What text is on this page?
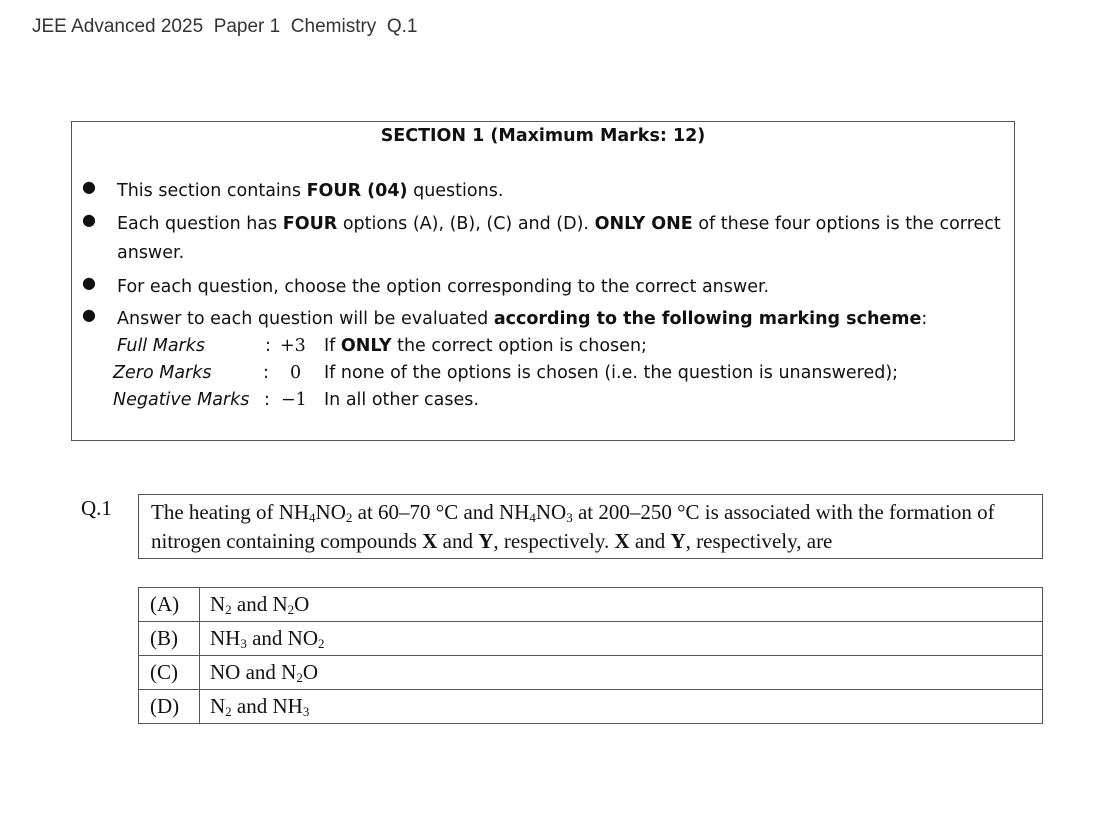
JEE Advanced 2025  Paper 1  Chemistry  Q.1
SECTION 1 (Maximum Marks: 12)
● This section contains FOUR (04) questions.
● Each question has FOUR options (A), (B), (C) and (D). ONLY ONE of these four options is the correct answer.
● For each question, choose the option corresponding to the correct answer.
● Answer to each question will be evaluated according to the following marking scheme:
Full Marks	: +3 If ONLY the correct option is chosen;
Zero Marks	: 0 If none of the options is chosen (i.e. the question is unanswered);
Negative Marks : −1 In all other cases.
Q.1	The heating of $NH_4NO_2$ at 60–70 °C and $NH_4NO_3$ at 200–250 °C is associated with the formation of nitrogen containing compounds X and Y, respectively. X and Y, respectively, are
(A)	$N_2$ and $N_2O$
(B)	$NH_3$ and $NO_2$
(C)	NO and $N_2O$
(D)	$N_2$ and $NH_3$
